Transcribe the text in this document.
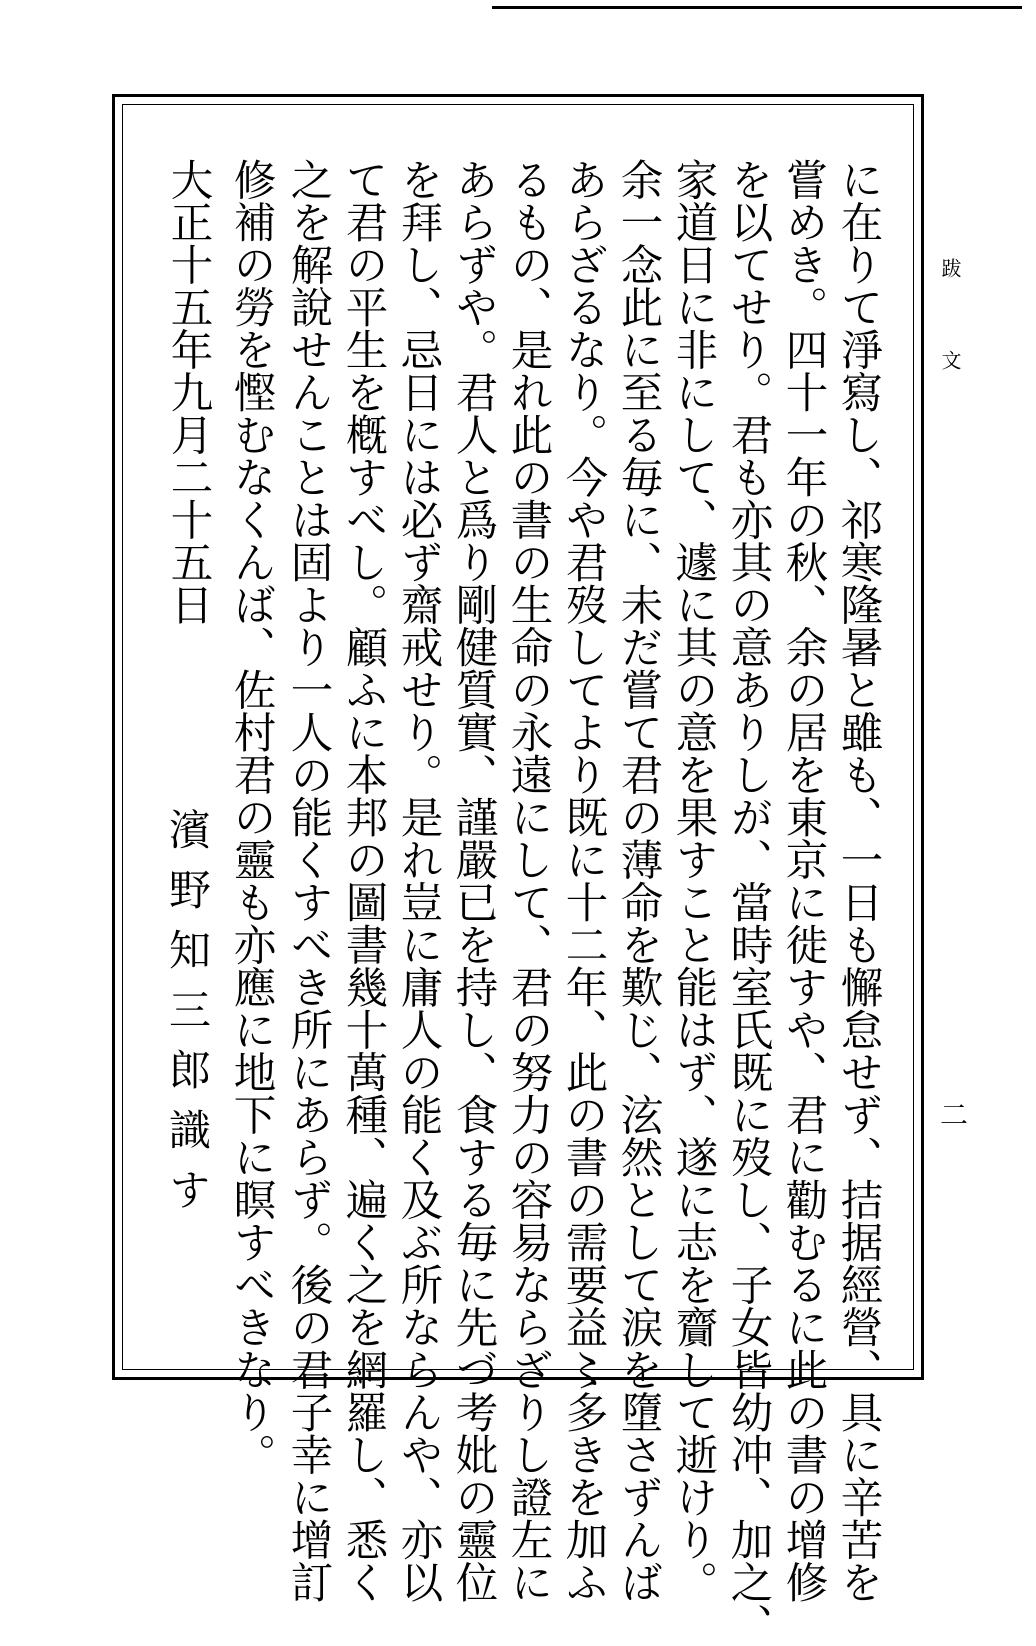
跋
文
二
に在りて淨寫し、祁寒隆暑と雖も、一日も懈怠せず、拮据經營、具に辛苦を
嘗めき。四十一年の秋、余の居を東京に徙すや、君に勸むるに此の書の增修
を以てせり。君も亦其の意ありしが、當時室氏既に歿し、子女皆幼冲、加之、
家道日に非にして、遽に其の意を果すこと能はず、遂に志を齎して逝けり。
余一念此に至る毎に、未だ嘗て君の薄命を歎じ、泫然として涙を墮さずんば
あらざるなり。今や君歿してより既に十二年、此の書の需要益〻多きを加ふ
るもの、是れ此の書の生命の永遠にして、君の努力の容易ならざりし證左に
あらずや。君人と爲り剛健質實、謹嚴已を持し、食する毎に先づ考妣の靈位
を拜し、忌日には必ず齋戒せり。是れ豈に庸人の能く及ぶ所ならんや、亦以
て君の平生を槪すべし。顧ふに本邦の圖書幾十萬種、遍く之を網羅し、悉く
之を解說せんことは固より一人の能くすべき所にあらず。後の君子幸に增訂
修補の勞を慳むなくんば、佐村君の靈も亦應に地下に瞑すべきなり。
大正十五年九月二十五日
濱野知三郎識す
